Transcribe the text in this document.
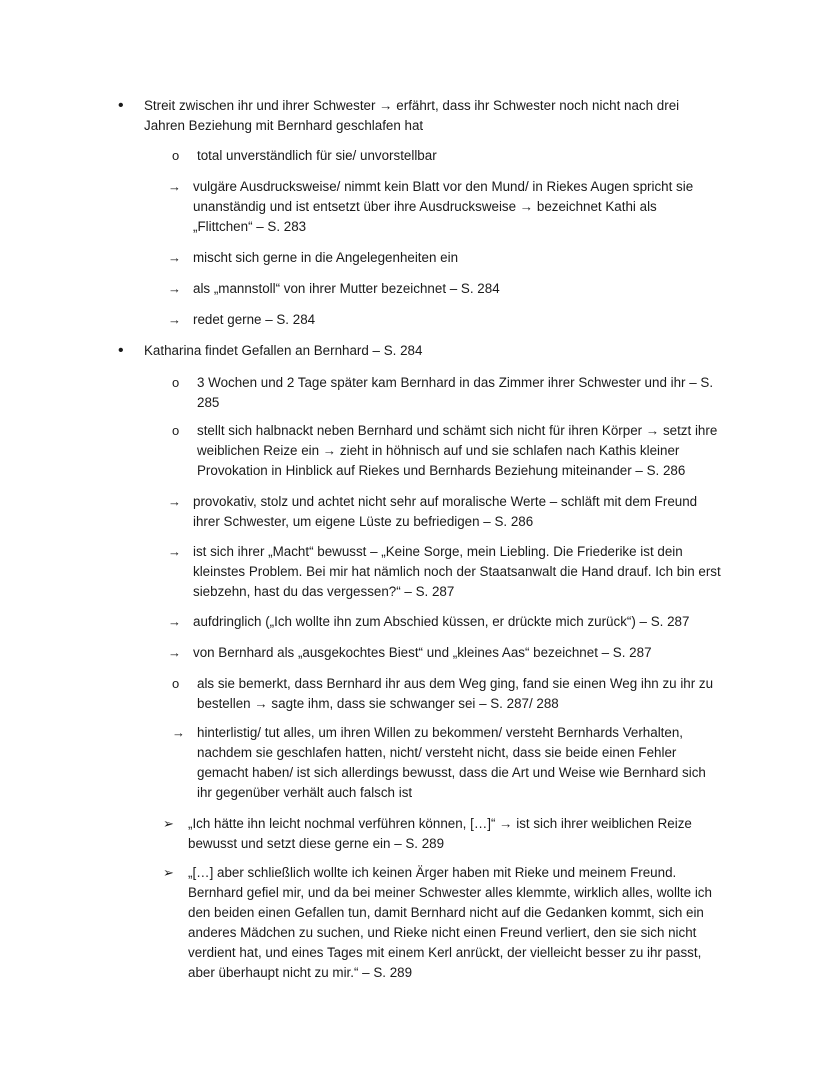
• Streit zwischen ihr und ihrer Schwester → erfährt, dass ihr Schwester noch nicht nach drei
Jahren Beziehung mit Bernhard geschlafen hat
o total unverständlich für sie/ unvorstellbar
→ vulgäre Ausdrucksweise/ nimmt kein Blatt vor den Mund/ in Riekes Augen spricht sie
unanständig und ist entsetzt über ihre Ausdrucksweise → bezeichnet Kathi als
„Flittchen“ – S. 283
→ mischt sich gerne in die Angelegenheiten ein
→ als „mannstoll“ von ihrer Mutter bezeichnet – S. 284
→ redet gerne – S. 284
• Katharina findet Gefallen an Bernhard – S. 284
o 3 Wochen und 2 Tage später kam Bernhard in das Zimmer ihrer Schwester und ihr – S.
285
o stellt sich halbnackt neben Bernhard und schämt sich nicht für ihren Körper → setzt ihre
weiblichen Reize ein → zieht in höhnisch auf und sie schlafen nach Kathis kleiner
Provokation in Hinblick auf Riekes und Bernhards Beziehung miteinander – S. 286
→ provokativ, stolz und achtet nicht sehr auf moralische Werte – schläft mit dem Freund
ihrer Schwester, um eigene Lüste zu befriedigen – S. 286
→ ist sich ihrer „Macht“ bewusst – „Keine Sorge, mein Liebling. Die Friederike ist dein
kleinstes Problem. Bei mir hat nämlich noch der Staatsanwalt die Hand drauf. Ich bin erst
siebzehn, hast du das vergessen?“ – S. 287
→ aufdringlich („Ich wollte ihn zum Abschied küssen, er drückte mich zurück“) – S. 287
→ von Bernhard als „ausgekochtes Biest“ und „kleines Aas“ bezeichnet – S. 287
o als sie bemerkt, dass Bernhard ihr aus dem Weg ging, fand sie einen Weg ihn zu ihr zu
bestellen → sagte ihm, dass sie schwanger sei – S. 287/ 288
→ hinterlistig/ tut alles, um ihren Willen zu bekommen/ versteht Bernhards Verhalten,
nachdem sie geschlafen hatten, nicht/ versteht nicht, dass sie beide einen Fehler
gemacht haben/ ist sich allerdings bewusst, dass die Art und Weise wie Bernhard sich
ihr gegenüber verhält auch falsch ist
➢ „Ich hätte ihn leicht nochmal verführen können, […]“ → ist sich ihrer weiblichen Reize
bewusst und setzt diese gerne ein – S. 289
➢ „[…] aber schließlich wollte ich keinen Ärger haben mit Rieke und meinem Freund.
Bernhard gefiel mir, und da bei meiner Schwester alles klemmte, wirklich alles, wollte ich
den beiden einen Gefallen tun, damit Bernhard nicht auf die Gedanken kommt, sich ein
anderes Mädchen zu suchen, und Rieke nicht einen Freund verliert, den sie sich nicht
verdient hat, und eines Tages mit einem Kerl anrückt, der vielleicht besser zu ihr passt,
aber überhaupt nicht zu mir.“ – S. 289
